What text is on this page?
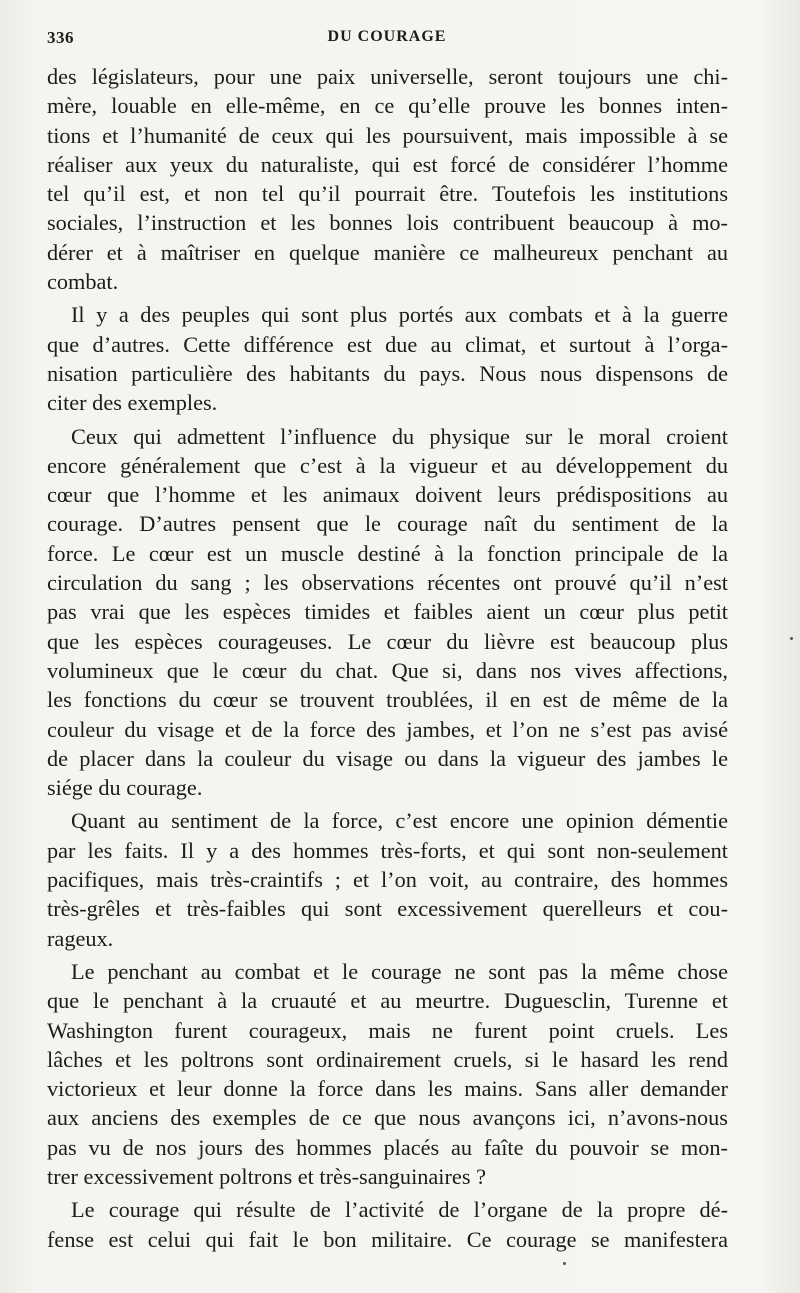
336	DU COURAGE

des législateurs, pour une paix universelle, seront toujours une chi-
mère, louable en elle-même, en ce qu’elle prouve les bonnes inten-
tions et l’humanité de ceux qui les poursuivent, mais impossible à se
réaliser aux yeux du naturaliste, qui est forcé de considérer l’homme
tel qu’il est, et non tel qu’il pourrait être. Toutefois les institutions
sociales, l’instruction et les bonnes lois contribuent beaucoup à mo-
dérer et à maîtriser en quelque manière ce malheureux penchant au
combat.

Il y a des peuples qui sont plus portés aux combats et à la guerre
que d’autres. Cette différence est due au climat, et surtout à l’orga-
nisation particulière des habitants du pays. Nous nous dispensons de
citer des exemples.

Ceux qui admettent l’influence du physique sur le moral croient
encore généralement que c’est à la vigueur et au développement du
cœur que l’homme et les animaux doivent leurs prédispositions au
courage. D’autres pensent que le courage naît du sentiment de la
force. Le cœur est un muscle destiné à la fonction principale de la
circulation du sang ; les observations récentes ont prouvé qu’il n’est
pas vrai que les espèces timides et faibles aient un cœur plus petit
que les espèces courageuses. Le cœur du lièvre est beaucoup plus
volumineux que le cœur du chat. Que si, dans nos vives affections,
les fonctions du cœur se trouvent troublées, il en est de même de la
couleur du visage et de la force des jambes, et l’on ne s’est pas avisé
de placer dans la couleur du visage ou dans la vigueur des jambes le
siége du courage.

Quant au sentiment de la force, c’est encore une opinion démentie
par les faits. Il y a des hommes très-forts, et qui sont non-seulement
pacifiques, mais très-craintifs ; et l’on voit, au contraire, des hommes
très-grêles et très-faibles qui sont excessivement querelleurs et cou-
rageux.

Le penchant au combat et le courage ne sont pas la même chose
que le penchant à la cruauté et au meurtre. Duguesclin, Turenne et
Washington furent courageux, mais ne furent point cruels. Les
lâches et les poltrons sont ordinairement cruels, si le hasard les rend
victorieux et leur donne la force dans les mains. Sans aller demander
aux anciens des exemples de ce que nous avançons ici, n’avons-nous
pas vu de nos jours des hommes placés au faîte du pouvoir se mon-
trer excessivement poltrons et très-sanguinaires ?

Le courage qui résulte de l’activité de l’organe de la propre dé-
fense est celui qui fait le bon militaire. Ce courage se manifestera
